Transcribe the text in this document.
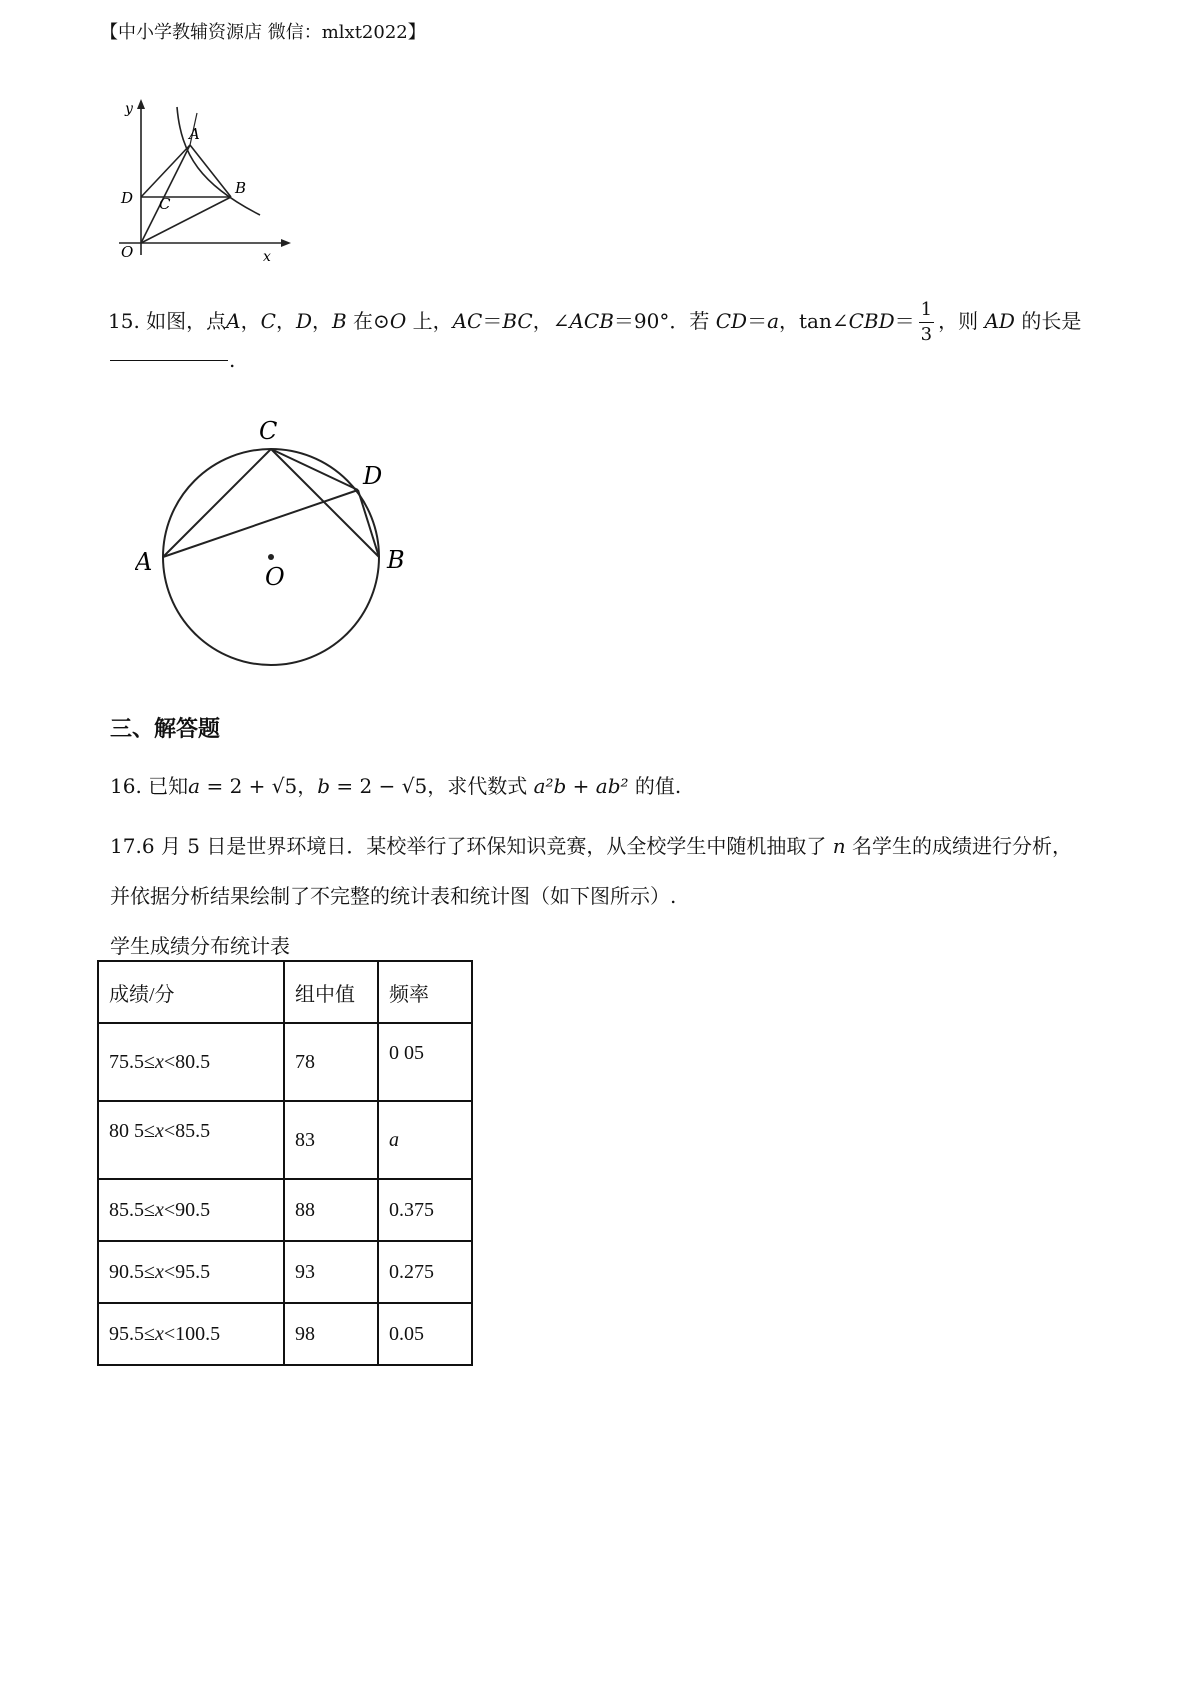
【中小学教辅资源店 微信：mlxt2022】
y
A
B
C
D
O	x
15. 如图，点A，C，D，B 在⊙O 上，AC＝BC，∠ACB＝90°．若 CD＝a，tan∠CBD＝ $\frac{1}{3}$ ，则 AD 的长是
.
C
D
A	B
O
三、解答题
16. 已知a = 2 + √5，b = 2 − √5，求代数式 a²b + ab² 的值.
17.6 月 5 日是世界环境日．某校举行了环保知识竞赛，从全校学生中随机抽取了 n 名学生的成绩进行分析，
并依据分析结果绘制了不完整的统计表和统计图（如下图所示）.
学生成绩分布统计表
成绩/分	组中值	频率
75.5≤x<80.5	78	0 05
80 5≤x<85.5	83	a
85.5≤x<90.5	88	0.375
90.5≤x<95.5	93	0.275
95.5≤x<100.5	98	0.05
